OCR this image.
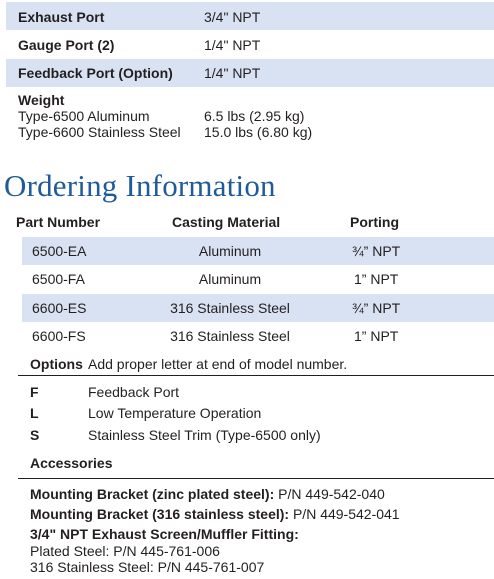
Exhaust Port	3/4" NPT
Gauge Port (2)	1/4" NPT
Feedback Port (Option) 1/4" NPT
Weight
Type-6500 Aluminum	6.5 lbs (2.95 kg)
Type-6600 Stainless Steel 15.0 lbs (6.80 kg)
Ordering Information
Part Number	Casting Material	Porting
6500-EA	Aluminum	¾” NPT
6500-FA	Aluminum	1” NPT
6600-ES	316 Stainless Steel	¾” NPT
6600-FS	316 Stainless Steel	1” NPT
Options Add proper letter at end of model number.
F	Feedback Port
L	Low Temperature Operation
S	Stainless Steel Trim (Type-6500 only)
Accessories
Mounting Bracket (zinc plated steel): P/N 449-542-040
Mounting Bracket (316 stainless steel): P/N 449-542-041
3/4" NPT Exhaust Screen/Muffler Fitting:
Plated Steel: P/N 445-761-006
316 Stainless Steel: P/N 445-761-007
